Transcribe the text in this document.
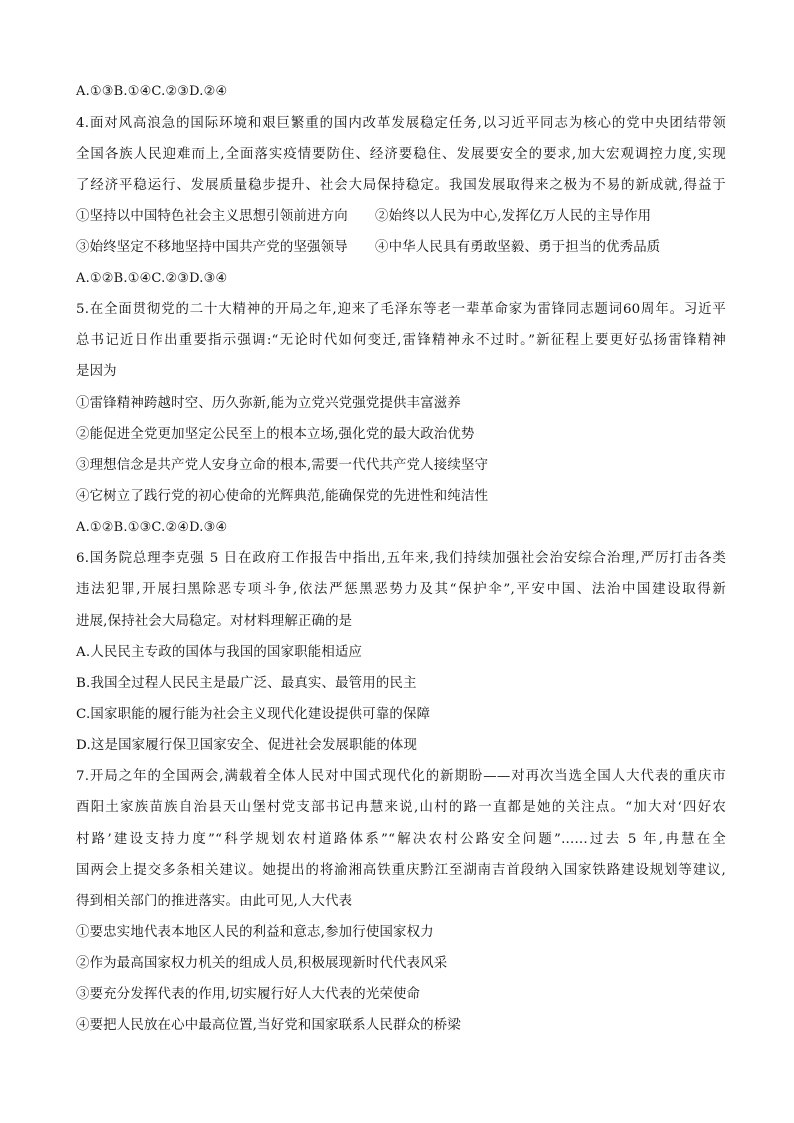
A.①③B.①④C.②③D.②④
4.面对风高浪急的国际环境和艰巨繁重的国内改革发展稳定任务,以习近平同志为核心的党中央团结带领
全国各族人民迎难而上,全面落实疫情要防住、经济要稳住、发展要安全的要求,加大宏观调控力度,实现
了经济平稳运行、发展质量稳步提升、社会大局保持稳定。我国发展取得来之极为不易的新成就,得益于
①坚持以中国特色社会主义思想引领前进方向　　②始终以人民为中心,发挥亿万人民的主导作用
③始终坚定不移地坚持中国共产党的坚强领导　　④中华人民具有勇敢坚毅、勇于担当的优秀品质
A.①②B.①④C.②③D.③④
5.在全面贯彻党的二十大精神的开局之年,迎来了毛泽东等老一辈革命家为雷锋同志题词60周年。习近平
总书记近日作出重要指示强调:“无论时代如何变迁,雷锋精神永不过时。”新征程上要更好弘扬雷锋精神
是因为
①雷锋精神跨越时空、历久弥新,能为立党兴党强党提供丰富滋养
②能促进全党更加坚定公民至上的根本立场,强化党的最大政治优势
③理想信念是共产党人安身立命的根本,需要一代代共产党人接续坚守
④它树立了践行党的初心使命的光辉典范,能确保党的先进性和纯洁性
A.①②B.①③C.②④D.③④
6.国务院总理李克强 5 日在政府工作报告中指出,五年来,我们持续加强社会治安综合治理,严厉打击各类
违法犯罪,开展扫黑除恶专项斗争,依法严惩黑恶势力及其“保护伞”,平安中国、法治中国建设取得新
进展,保持社会大局稳定。对材料理解正确的是
A.人民民主专政的国体与我国的国家职能相适应
B.我国全过程人民民主是最广泛、最真实、最管用的民主
C.国家职能的履行能为社会主义现代化建设提供可靠的保障
D.这是国家履行保卫国家安全、促进社会发展职能的体现
7.开局之年的全国两会,满载着全体人民对中国式现代化的新期盼——对再次当选全国人大代表的重庆市
酉阳土家族苗族自治县天山堡村党支部书记冉慧来说,山村的路一直都是她的关注点。“加大对‘四好农
村路’建设支持力度”“科学规划农村道路体系”“解决农村公路安全问题”......过去 5 年,冉慧在全
国两会上提交多条相关建议。她提出的将渝湘高铁重庆黔江至湖南吉首段纳入国家铁路建设规划等建议,
得到相关部门的推进落实。由此可见,人大代表
①要忠实地代表本地区人民的利益和意志,参加行使国家权力
②作为最高国家权力机关的组成人员,积极展现新时代代表风采
③要充分发挥代表的作用,切实履行好人大代表的光荣使命
④要把人民放在心中最高位置,当好党和国家联系人民群众的桥梁
